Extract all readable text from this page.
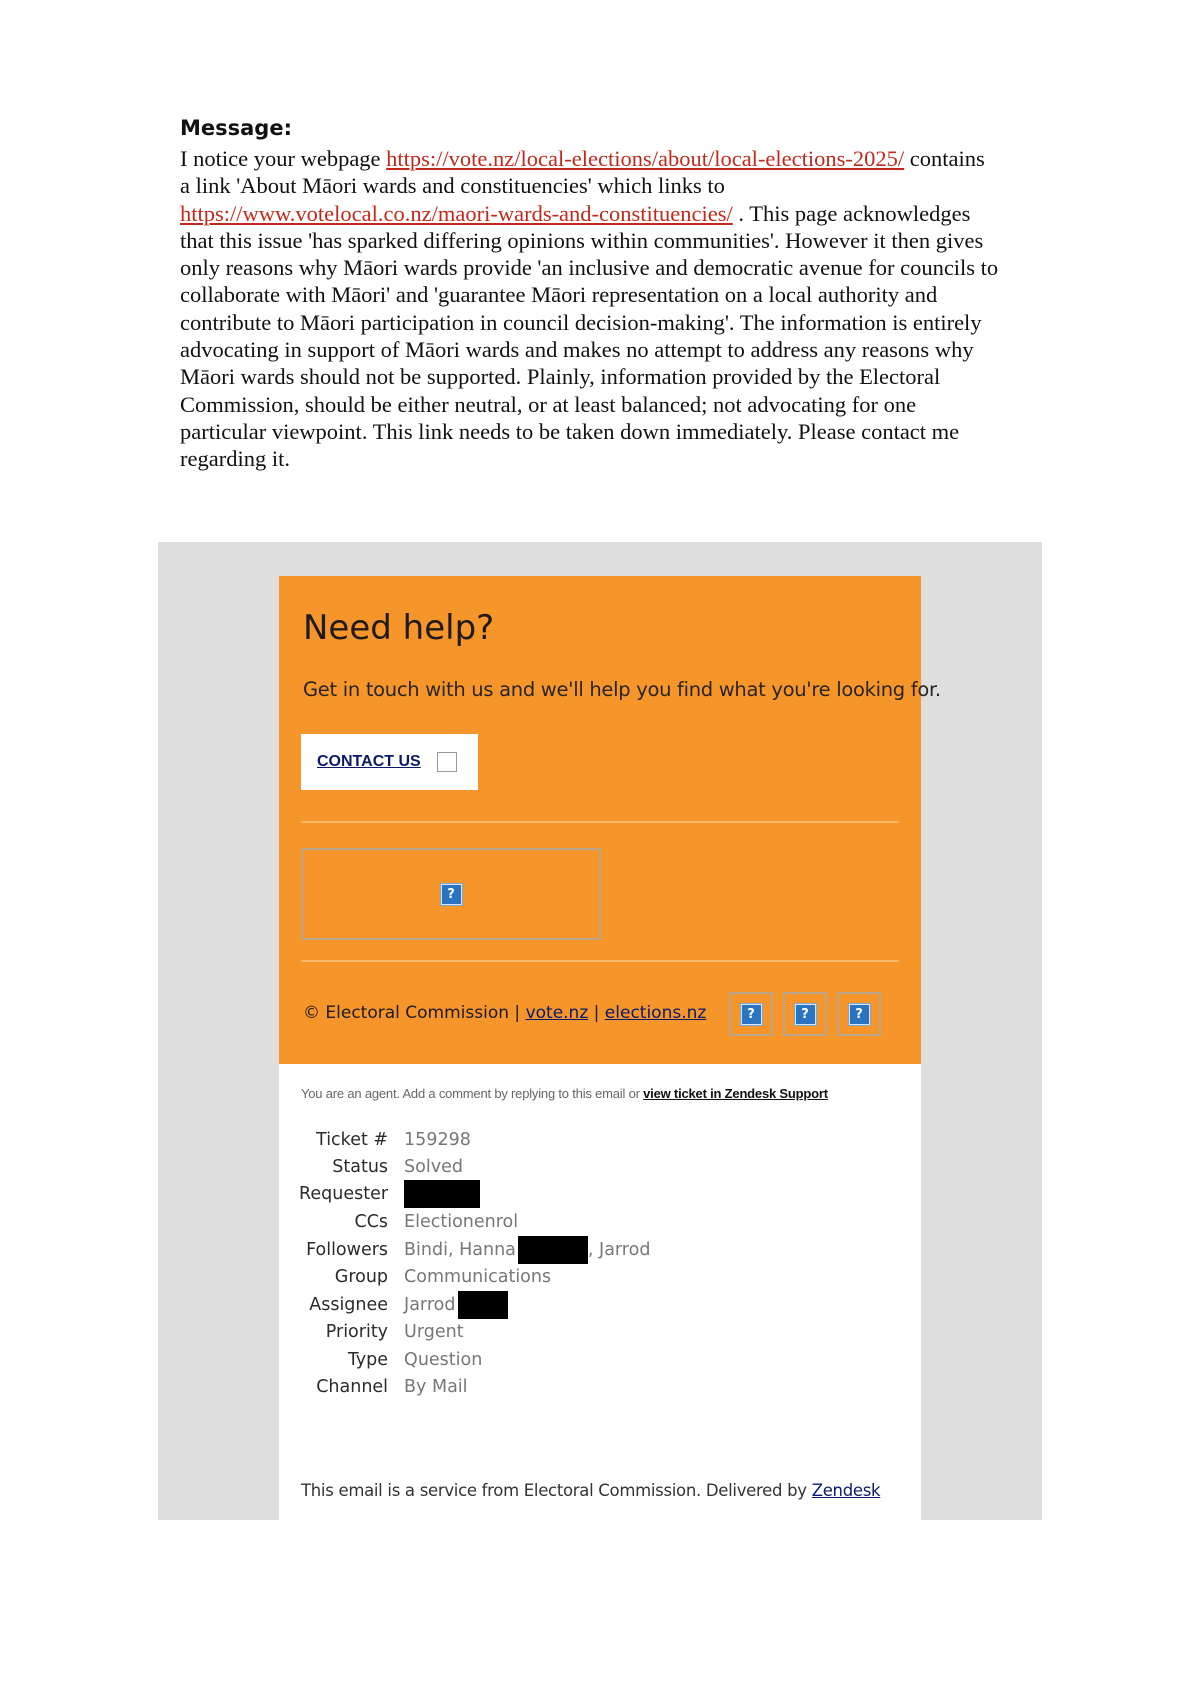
Message:

I notice your webpage https://vote.nz/local-elections/about/local-elections-2025/ contains a link 'About Māori wards and constituencies' which links to https://www.votelocal.co.nz/maori-wards-and-constituencies/ . This page acknowledges that this issue 'has sparked differing opinions within communities'. However it then gives only reasons why Māori wards provide 'an inclusive and democratic avenue for councils to collaborate with Māori' and 'guarantee Māori representation on a local authority and contribute to Māori participation in council decision-making'. The information is entirely advocating in support of Māori wards and makes no attempt to address any reasons why Māori wards should not be supported. Plainly, information provided by the Electoral Commission, should be either neutral, or at least balanced; not advocating for one particular viewpoint. This link needs to be taken down immediately. Please contact me regarding it.

Need help?

Get in touch with us and we'll help you find what you're looking for.

CONTACT US
?
© Electoral Commission | vote.nz | elections.nz	?	?	?
You are an agent. Add a comment by replying to this email or view ticket in Zendesk Support
Ticket #	159298
Status	Solved
Requester	
CCs	Electionenrol
Followers	Bindi, Hanna , Jarrod
Group	Communications
Assignee	Jarrod
Priority	Urgent
Type	Question
Channel	By Mail
This email is a service from Electoral Commission. Delivered by Zendesk
